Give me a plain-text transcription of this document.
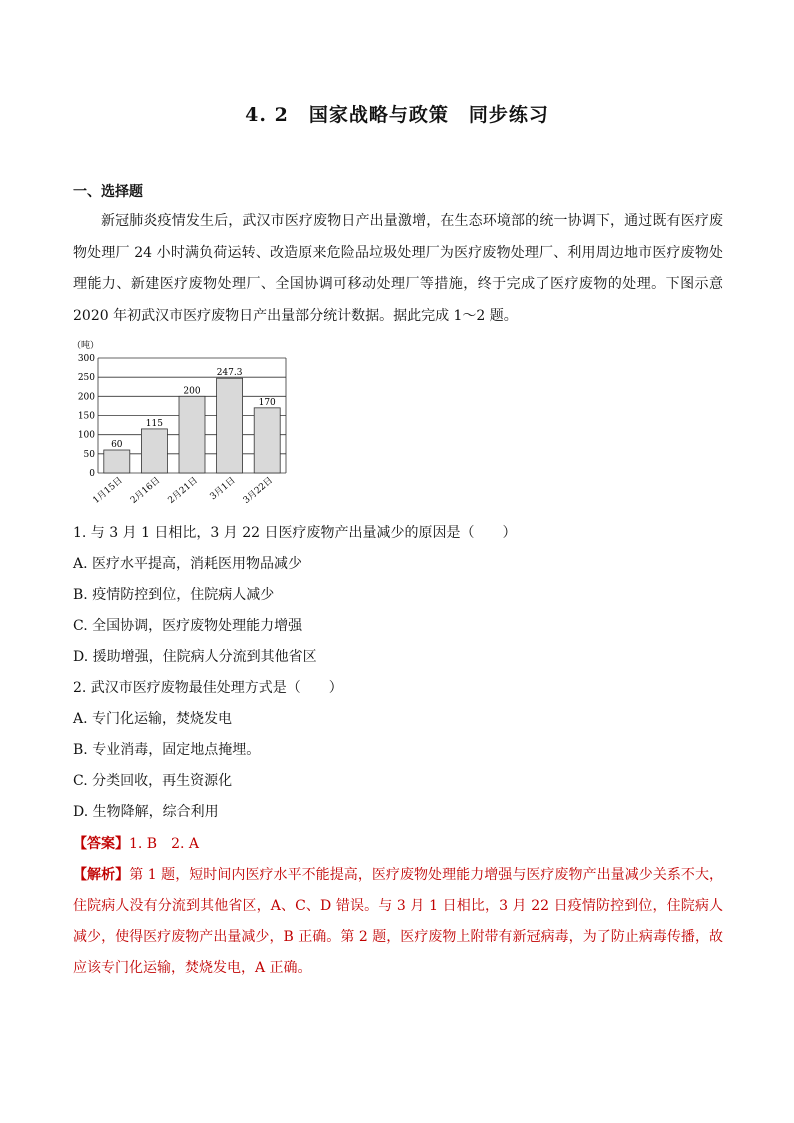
4. 2　国家战略与政策　同步练习
一、选择题
新冠肺炎疫情发生后，武汉市医疗废物日产出量激增，在生态环境部的统一协调下，通过既有医疗废物处理厂 24 小时满负荷运转、改造原来危险品垃圾处理厂为医疗废物处理厂、利用周边地市医疗废物处理能力、新建医疗废物处理厂、全国协调可移动处理厂等措施，终于完成了医疗废物的处理。下图示意 2020 年初武汉市医疗废物日产出量部分统计数据。据此完成 1～2 题。
（吨）
300
250
200
150
100
50
0
60
115
200
247.3
170
1月15日 2月16日 2月21日 3月1日 3月22日
1. 与 3 月 1 日相比，3 月 22 日医疗废物产出量减少的原因是（　　）
A. 医疗水平提高，消耗医用物品减少
B. 疫情防控到位，住院病人减少
C. 全国协调，医疗废物处理能力增强
D. 援助增强，住院病人分流到其他省区
2. 武汉市医疗废物最佳处理方式是（　　）
A. 专门化运输，焚烧发电
B. 专业消毒，固定地点掩埋。
C. 分类回收，再生资源化
D. 生物降解，综合利用
【答案】1. B　2. A
【解析】第 1 题，短时间内医疗水平不能提高，医疗废物处理能力增强与医疗废物产出量减少关系不大，住院病人没有分流到其他省区，A、C、D 错误。与 3 月 1 日相比，3 月 22 日疫情防控到位，住院病人减少，使得医疗废物产出量减少，B 正确。第 2 题，医疗废物上附带有新冠病毒，为了防止病毒传播，故应该专门化运输，焚烧发电，A 正确。
